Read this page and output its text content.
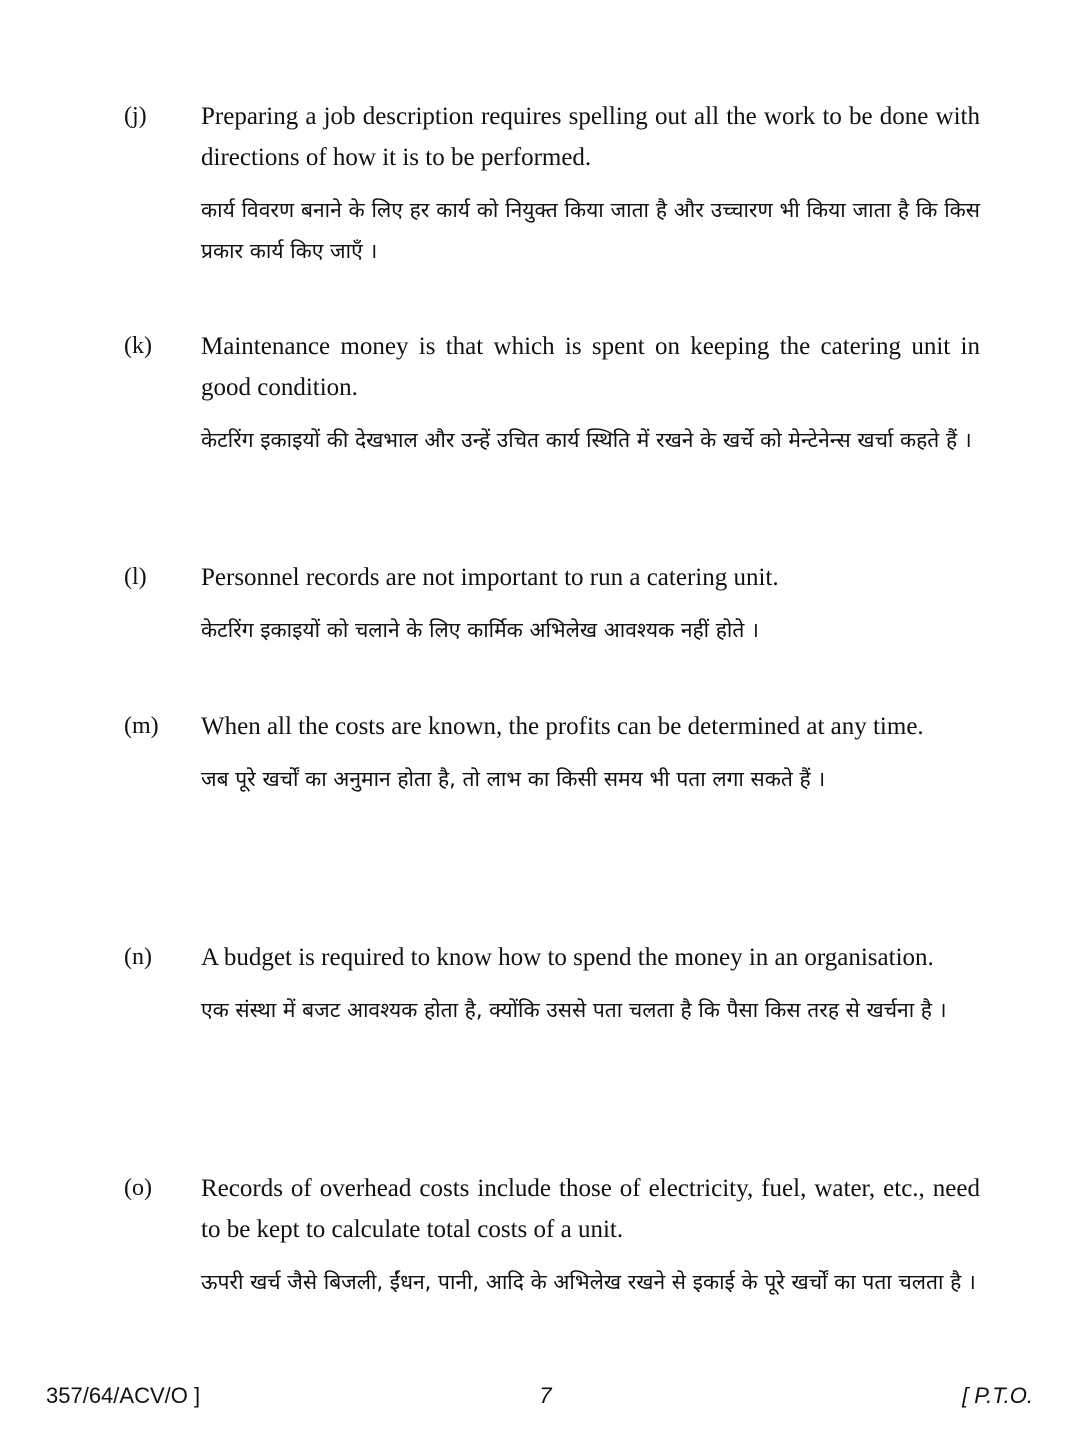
(j)	Preparing a job description requires spelling out all the work to be done with directions of how it is to be performed.

कार्य विवरण बनाने के लिए हर कार्य को नियुक्त किया जाता है और उच्चारण भी किया जाता है कि किस प्रकार कार्य किए जाएँ ।

(k)	Maintenance money is that which is spent on keeping the catering unit in good condition.

केटरिंग इकाइयों की देखभाल और उन्हें उचित कार्य स्थिति में रखने के खर्चे को मेन्टेनेन्स खर्चा कहते हैं ।

(l)	Personnel records are not important to run a catering unit.

केटरिंग इकाइयों को चलाने के लिए कार्मिक अभिलेख आवश्यक नहीं होते ।

(m)	When all the costs are known, the profits can be determined at any time.

जब पूरे खर्चों का अनुमान होता है, तो लाभ का किसी समय भी पता लगा सकते हैं ।

(n)	A budget is required to know how to spend the money in an organisation.

एक संस्था में बजट आवश्यक होता है, क्योंकि उससे पता चलता है कि पैसा किस तरह से खर्चना है ।

(o)	Records of overhead costs include those of electricity, fuel, water, etc., need to be kept to calculate total costs of a unit.

ऊपरी खर्च जैसे बिजली, ईंधन, पानी, आदि के अभिलेख रखने से इकाई के पूरे खर्चों का पता चलता है ।

357/64/ACV/O ]	7	[ P.T.O.
